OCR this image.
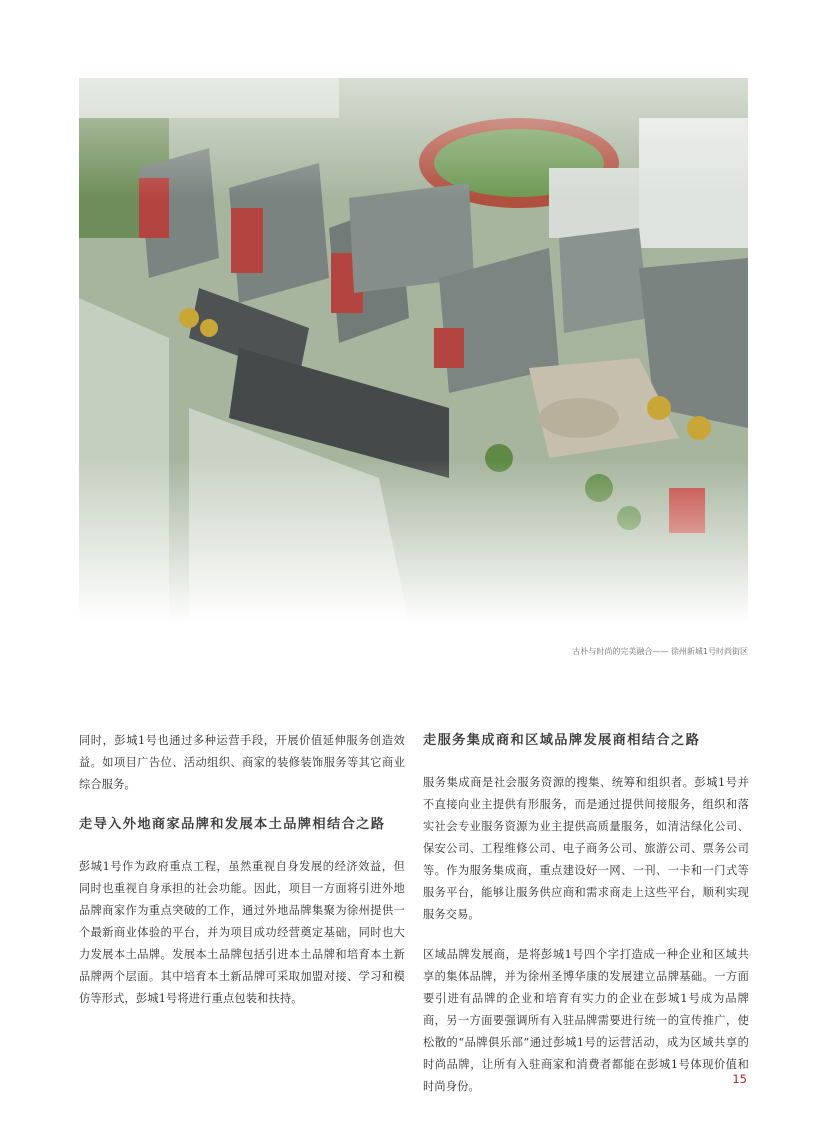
古朴与时尚的完美融合—— 徐州新城1号时尚街区

同时，彭城1号也通过多种运营手段，开展价值延伸服务创造效益。如项目广告位、活动组织、商家的装修装饰服务等其它商业综合服务。

走导入外地商家品牌和发展本土品牌相结合之路

彭城1号作为政府重点工程，虽然重视自身发展的经济效益，但同时也重视自身承担的社会功能。因此，项目一方面将引进外地品牌商家作为重点突破的工作，通过外地品牌集聚为徐州提供一个最新商业体验的平台，并为项目成功经营奠定基础，同时也大力发展本土品牌。发展本土品牌包括引进本土品牌和培育本土新品牌两个层面。其中培育本土新品牌可采取加盟对接、学习和模仿等形式，彭城1号将进行重点包装和扶持。

走服务集成商和区域品牌发展商相结合之路

服务集成商是社会服务资源的搜集、统筹和组织者。彭城1号并不直接向业主提供有形服务，而是通过提供间接服务，组织和落实社会专业服务资源为业主提供高质量服务，如清洁绿化公司、保安公司、工程维修公司、电子商务公司、旅游公司、票务公司等。作为服务集成商，重点建设好一网、一刊、一卡和一门式等服务平台，能够让服务供应商和需求商走上这些平台，顺利实现服务交易。

区域品牌发展商，是将彭城1号四个字打造成一种企业和区域共享的集体品牌，并为徐州圣博华康的发展建立品牌基础。一方面要引进有品牌的企业和培育有实力的企业在彭城1号成为品牌商，另一方面要强调所有入驻品牌需要进行统一的宣传推广，使松散的“品牌俱乐部”通过彭城1号的运营活动，成为区域共享的时尚品牌，让所有入驻商家和消费者都能在彭城1号体现价值和时尚身份。

15
